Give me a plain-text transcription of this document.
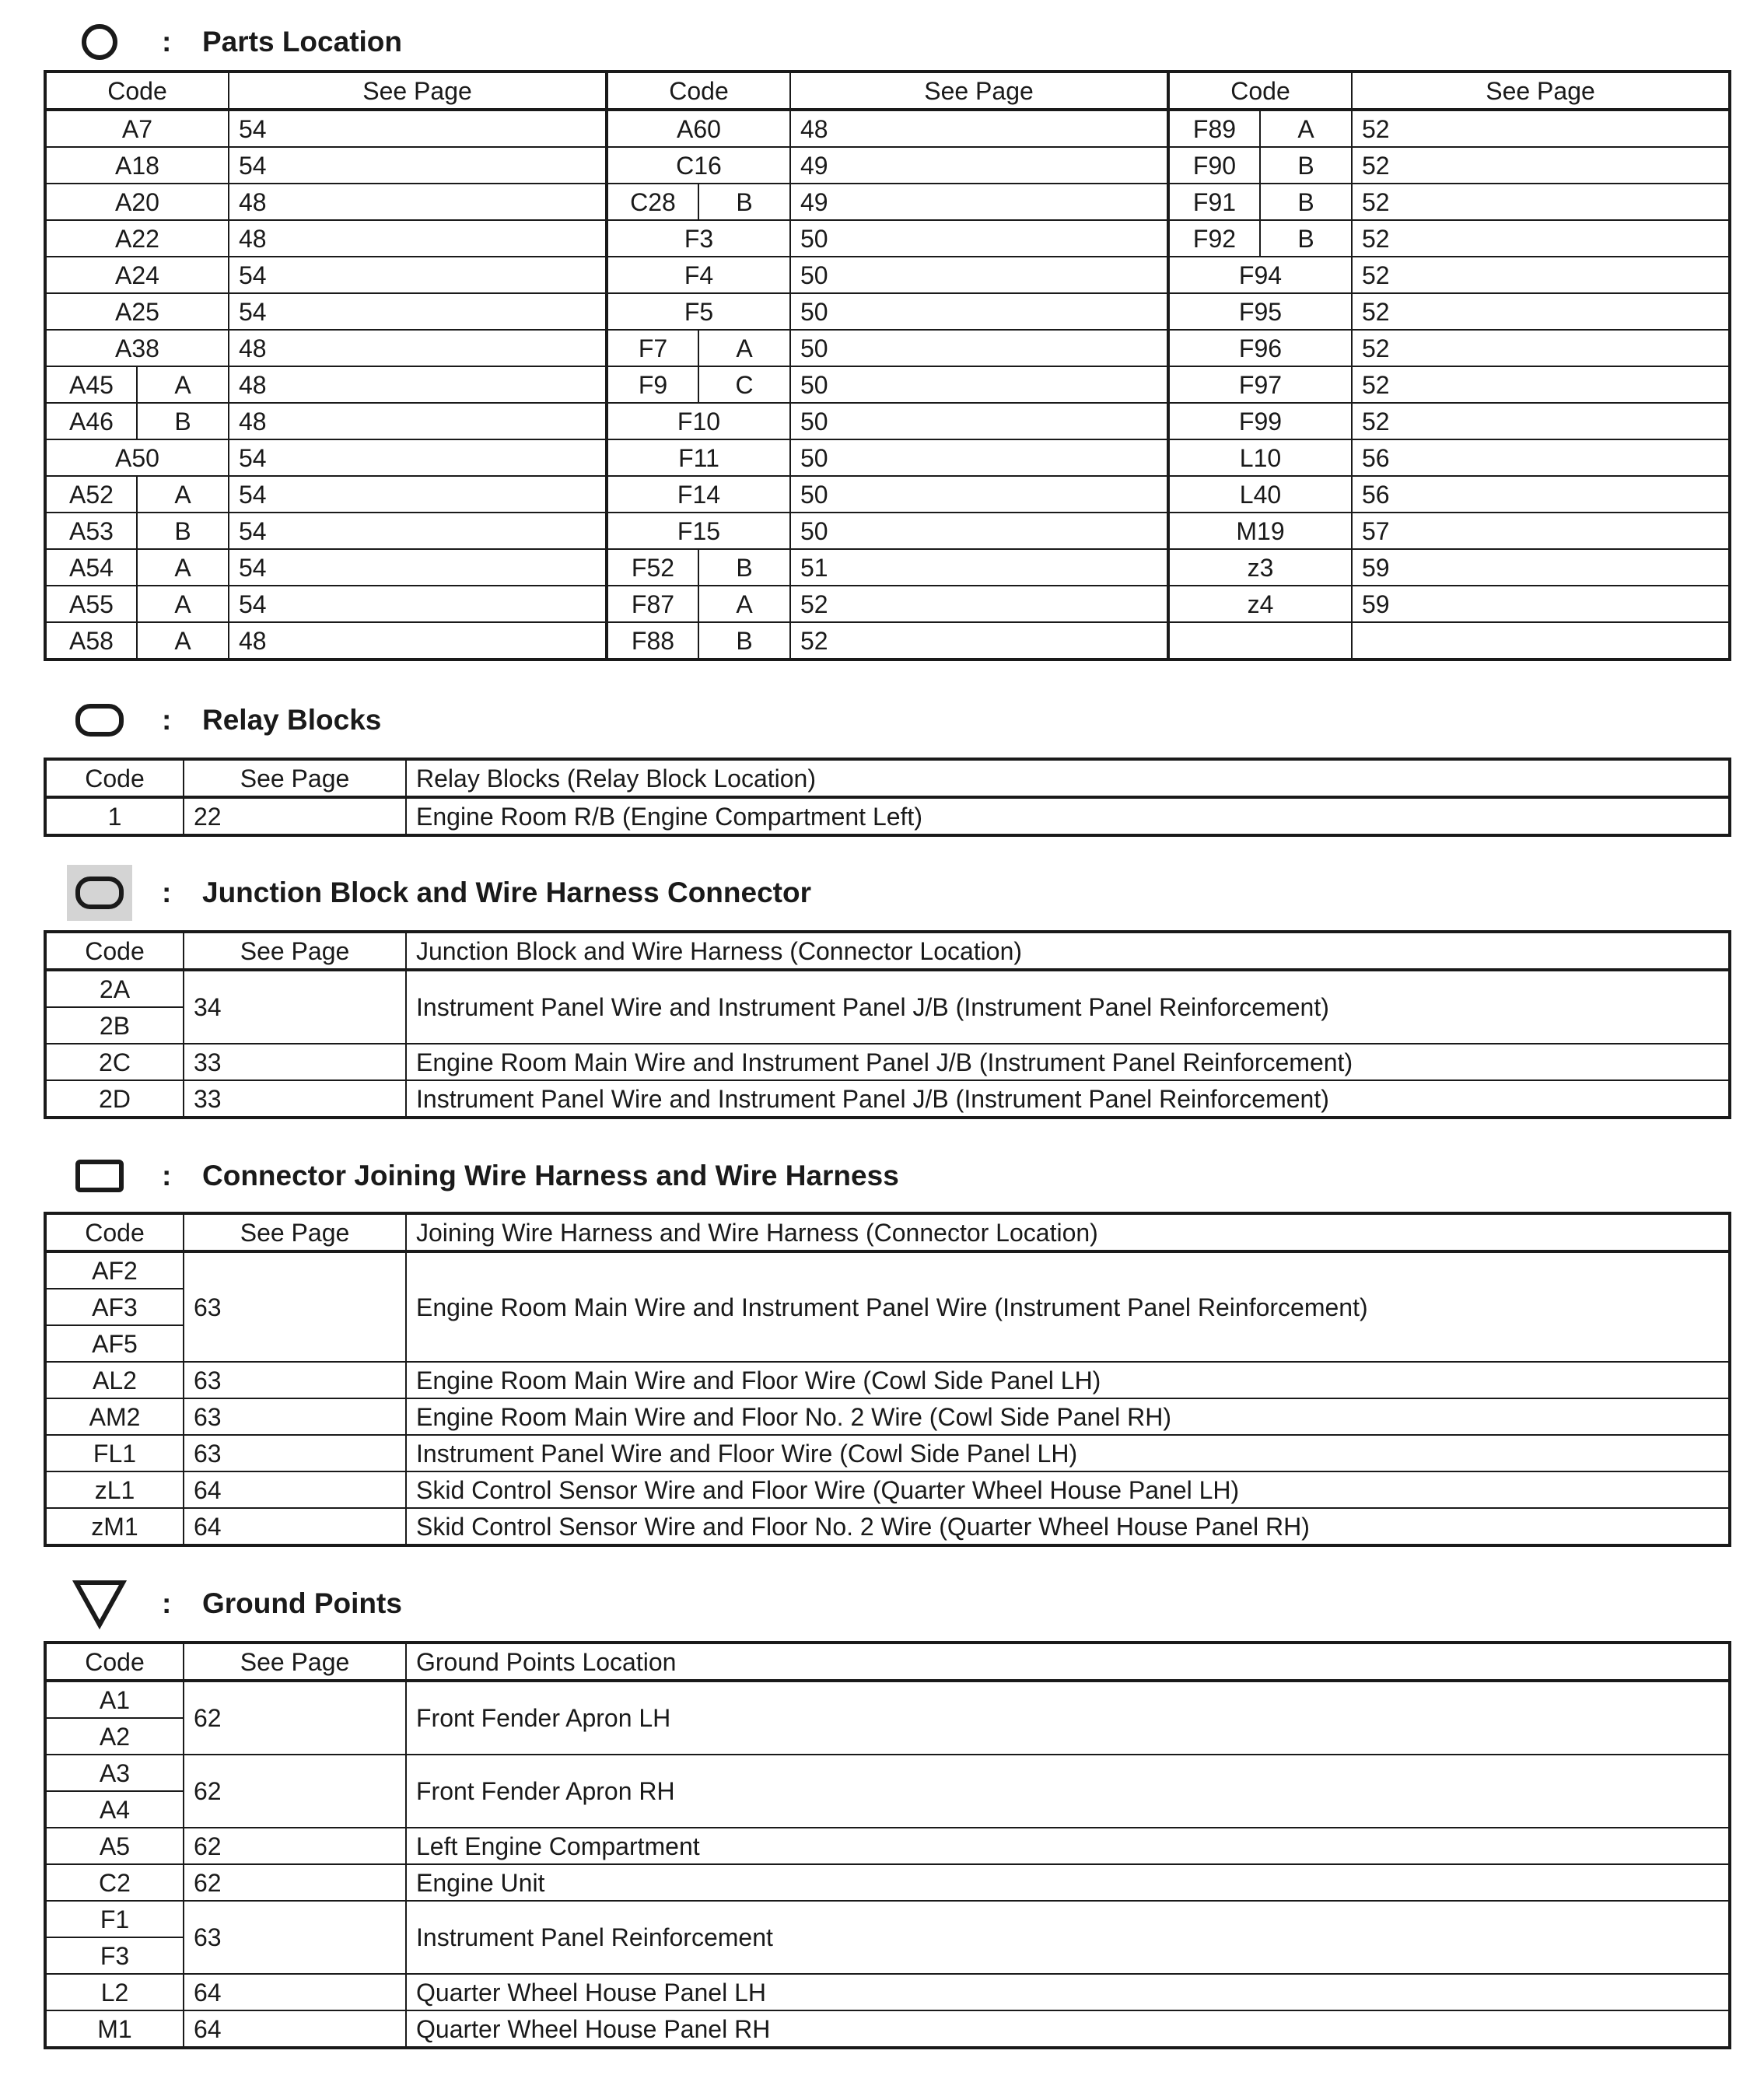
: Parts Location
Code		See Page	Code		See Page	Code		See Page
A7		54	A60		48	F89	A	52
A18		54	C16		49	F90	B	52
A20		48	C28	B	49	F91	B	52
A22		48	F3		50	F92	B	52
A24		54	F4		50	F94		52
A25		54	F5		50	F95		52
A38		48	F7	A	50	F96		52
A45	A	48	F9	C	50	F97		52
A46	B	48	F10		50	F99		52
A50		54	F11		50	L10		56
A52	A	54	F14		50	L40		56
A53	B	54	F15		50	M19		57
A54	A	54	F52	B	51	z3		59
A55	A	54	F87	A	52	z4		59
A58	A	48	F88	B	52			
: Relay Blocks
Code	See Page	Relay Blocks (Relay Block Location)
1	22	Engine Room R/B (Engine Compartment Left)
: Junction Block and Wire Harness Connector
Code	See Page	Junction Block and Wire Harness (Connector Location)
2A	34	Instrument Panel Wire and Instrument Panel J/B (Instrument Panel Reinforcement)
2B		
2C	33	Engine Room Main Wire and Instrument Panel J/B (Instrument Panel Reinforcement)
2D	33	Instrument Panel Wire and Instrument Panel J/B (Instrument Panel Reinforcement)
: Connector Joining Wire Harness and Wire Harness
Code	See Page	Joining Wire Harness and Wire Harness (Connector Location)
AF2	63	Engine Room Main Wire and Instrument Panel Wire (Instrument Panel Reinforcement)
AF3		
AF5		
AL2	63	Engine Room Main Wire and Floor Wire (Cowl Side Panel LH)
AM2	63	Engine Room Main Wire and Floor No. 2 Wire (Cowl Side Panel RH)
FL1	63	Instrument Panel Wire and Floor Wire (Cowl Side Panel LH)
zL1	64	Skid Control Sensor Wire and Floor Wire (Quarter Wheel House Panel LH)
zM1	64	Skid Control Sensor Wire and Floor No. 2 Wire (Quarter Wheel House Panel RH)
: Ground Points
Code	See Page	Ground Points Location
A1	62	Front Fender Apron LH
A2		
A3	62	Front Fender Apron RH
A4		
A5	62	Left Engine Compartment
C2	62	Engine Unit
F1	63	Instrument Panel Reinforcement
F3		
L2	64	Quarter Wheel House Panel LH
M1	64	Quarter Wheel House Panel RH
